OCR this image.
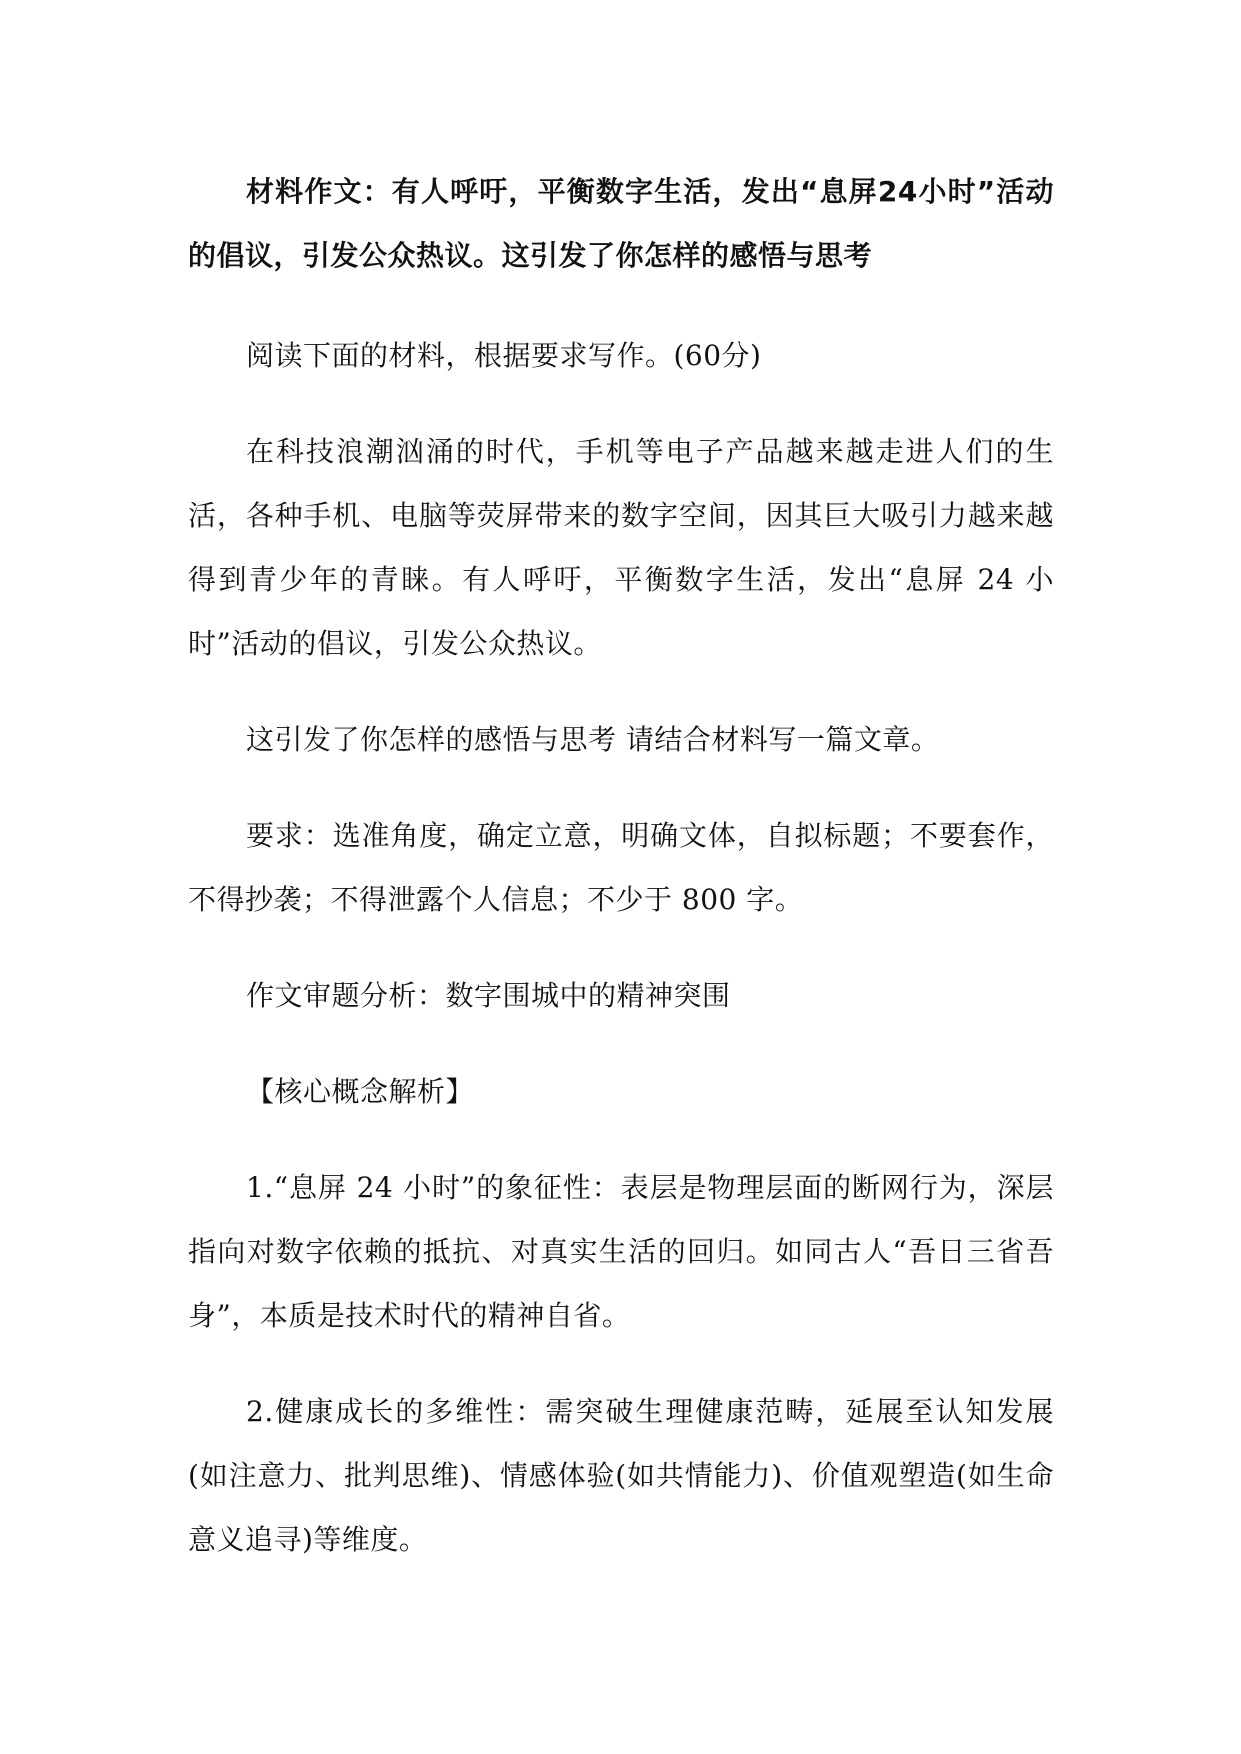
材料作文：有人呼吁，平衡数字生活，发出“息屏24小时”活动的倡议，引发公众热议。这引发了你怎样的感悟与思考

阅读下面的材料，根据要求写作。(60分)

在科技浪潮汹涌的时代，手机等电子产品越来越走进人们的生活，各种手机、电脑等荧屏带来的数字空间，因其巨大吸引力越来越得到青少年的青睐。有人呼吁，平衡数字生活，发出“息屏 24 小时”活动的倡议，引发公众热议。

这引发了你怎样的感悟与思考 请结合材料写一篇文章。

要求：选准角度，确定立意，明确文体，自拟标题；不要套作，不得抄袭；不得泄露个人信息；不少于 800 字。

作文审题分析：数字围城中的精神突围

【核心概念解析】

1.“息屏 24 小时”的象征性：表层是物理层面的断网行为，深层指向对数字依赖的抵抗、对真实生活的回归。如同古人“吾日三省吾身”，本质是技术时代的精神自省。

2.健康成长的多维性：需突破生理健康范畴，延展至认知发展(如注意力、批判思维)、情感体验(如共情能力)、价值观塑造(如生命意义追寻)等维度。
